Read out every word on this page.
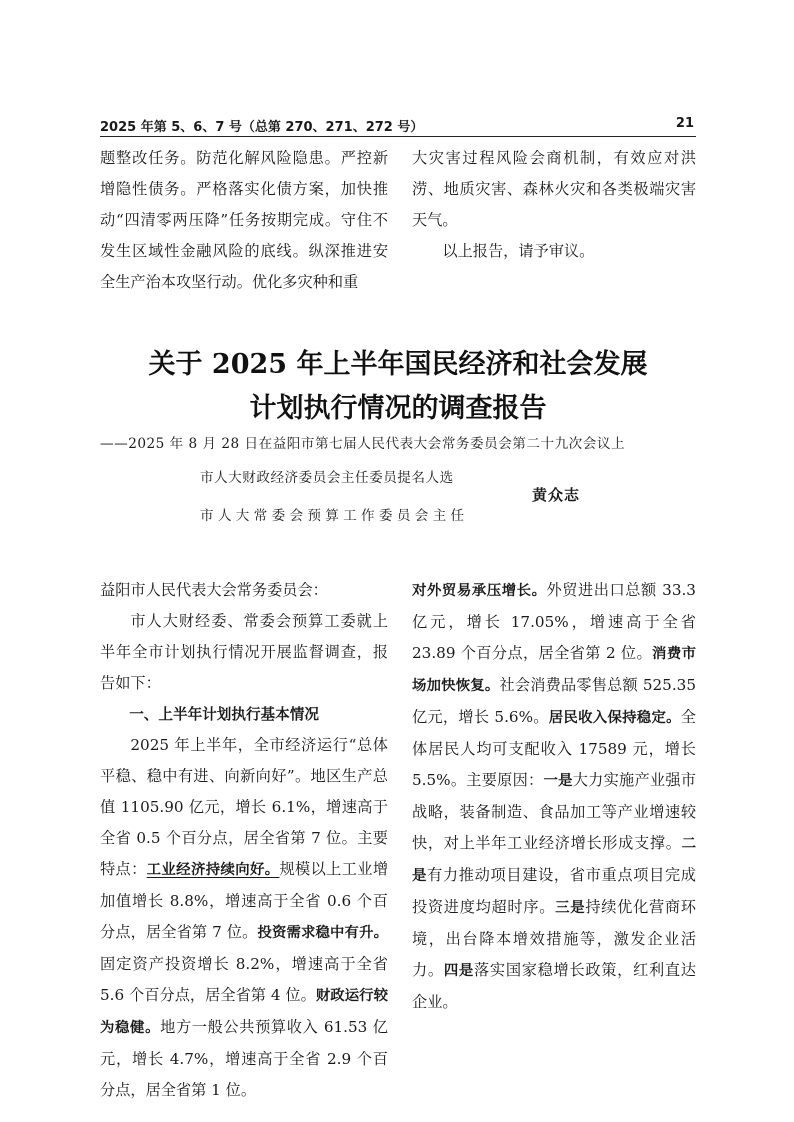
2025 年第 5、6、7 号（总第 270、271、272 号）	21

题整改任务。防范化解风险隐患。严控新增隐性债务。严格落实化债方案，加快推动“四清零两压降”任务按期完成。守住不发生区域性金融风险的底线。纵深推进安全生产治本攻坚行动。优化多灾种和重

大灾害过程风险会商机制，有效应对洪涝、地质灾害、森林火灾和各类极端灾害天气。

以上报告，请予审议。

关于 2025 年上半年国民经济和社会发展
计划执行情况的调查报告
——2025 年 8 月 28 日在益阳市第七届人民代表大会常务委员会第二十九次会议上
市人大财政经济委员会主任委员提名人选
市人大常委会预算工作委员会主任
黄众志

益阳市人民代表大会常务委员会：

市人大财经委、常委会预算工委就上半年全市计划执行情况开展监督调查，报告如下：

一、上半年计划执行基本情况

2025 年上半年，全市经济运行“总体平稳、稳中有进、向新向好”。地区生产总值 1105.90 亿元，增长 6.1%，增速高于全省 0.5 个百分点，居全省第 7 位。主要特点：工业经济持续向好。规模以上工业增加值增长 8.8%，增速高于全省 0.6 个百分点，居全省第 7 位。投资需求稳中有升。固定资产投资增长 8.2%，增速高于全省 5.6 个百分点，居全省第 4 位。财政运行较为稳健。地方一般公共预算收入 61.53 亿元，增长 4.7%，增速高于全省 2.9 个百分点，居全省第 1 位。

对外贸易承压增长。外贸进出口总额 33.3 亿元，增长 17.05%，增速高于全省 23.89 个百分点，居全省第 2 位。消费市场加快恢复。社会消费品零售总额 525.35 亿元，增长 5.6%。居民收入保持稳定。全体居民人均可支配收入 17589 元，增长 5.5%。主要原因：一是大力实施产业强市战略，装备制造、食品加工等产业增速较快，对上半年工业经济增长形成支撑。二是有力推动项目建设，省市重点项目完成投资进度均超时序。三是持续优化营商环境，出台降本增效措施等，激发企业活力。四是落实国家稳增长政策，红利直达企业。
